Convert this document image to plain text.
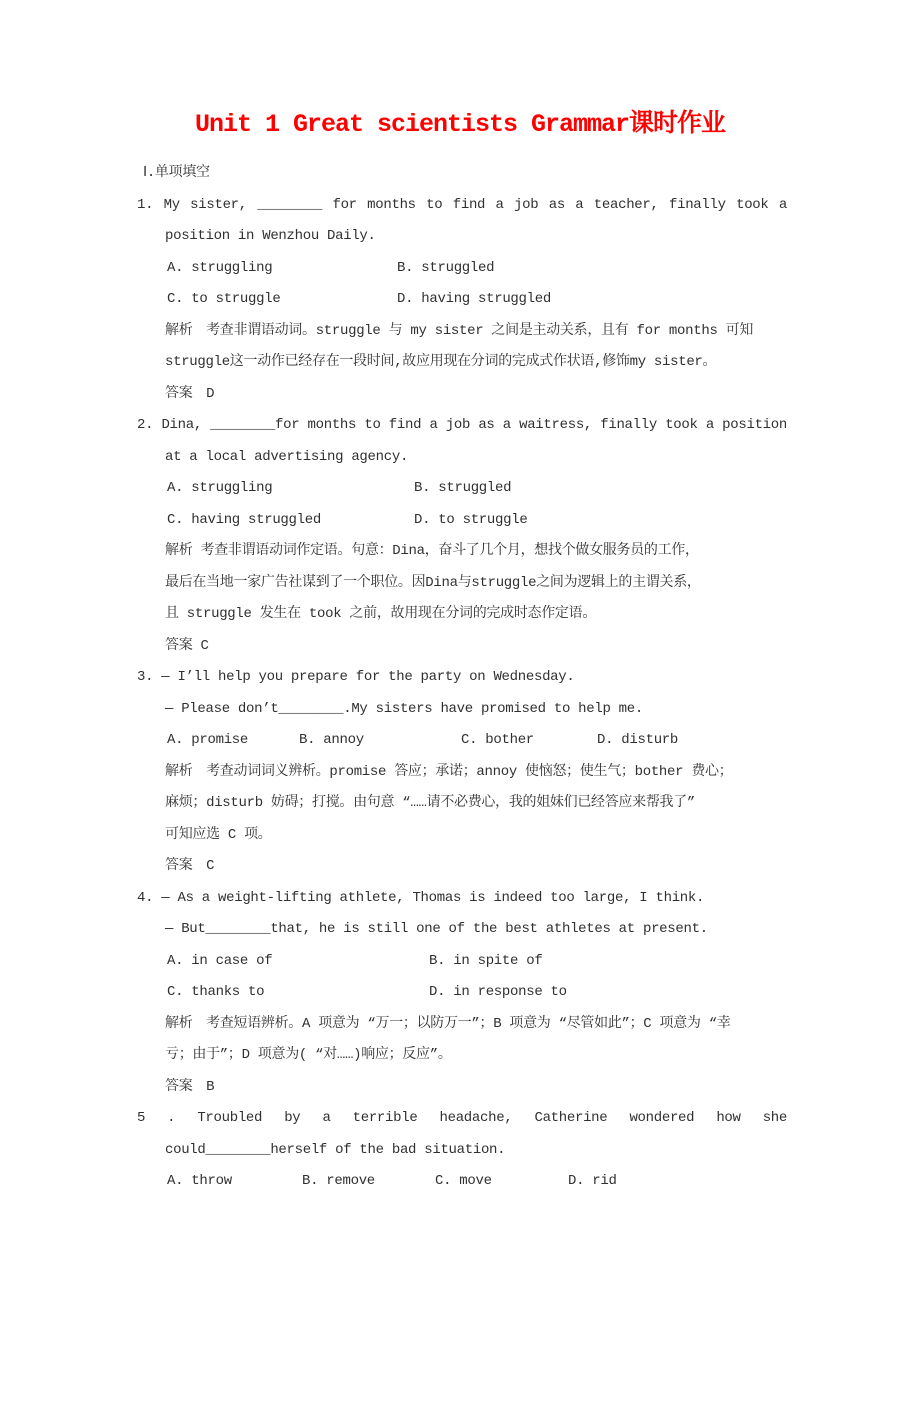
Unit 1 Great scientists Grammar课时作业
Ⅰ.单项填空
1. My sister, ________ for months to find a job as a teacher, finally took a
position in Wenzhou Daily.
A. struggling	B. struggled
C. to struggle	D. having struggled
解析　考查非谓语动词。struggle 与 my sister 之间是主动关系，且有 for months 可知
struggle这一动作已经存在一段时间,故应用现在分词的完成式作状语,修饰my sister。
答案　D
2. Dina, ________for months to find a job as a waitress, finally took a position
at a local advertising agency.
A. struggling	B. struggled
C. having struggled	D. to struggle
解析 考查非谓语动词作定语。句意：Dina，奋斗了几个月，想找个做女服务员的工作，
最后在当地一家广告社谋到了一个职位。因Dina与struggle之间为逻辑上的主谓关系，
且 struggle 发生在 took 之前，故用现在分词的完成时态作定语。
答案 C
3. — I’ll help you prepare for the party on Wednesday.
— Please don’t________.My sisters have promised to help me.
A. promise	B. annoy	C. bother	D. disturb
解析　考查动词词义辨析。promise 答应；承诺；annoy 使恼怒；使生气；bother 费心；
麻烦；disturb 妨碍；打搅。由句意 “……请不必费心，我的姐妹们已经答应来帮我了”
可知应选 C 项。
答案　C
4. — As a weight-lifting athlete, Thomas is indeed too large, I think.
— But________that, he is still one of the best athletes at present.
A. in case of	B. in spite of
C. thanks to	D. in response to
解析　考查短语辨析。A 项意为 “万一；以防万一”；B 项意为 “尽管如此”；C 项意为 “幸
亏；由于”；D 项意为( “对……)响应；反应”。
答案　B
5 . Troubled by a terrible headache, Catherine wondered how she
could________herself of the bad situation.
A. throw	B. remove	C. move	D. rid
